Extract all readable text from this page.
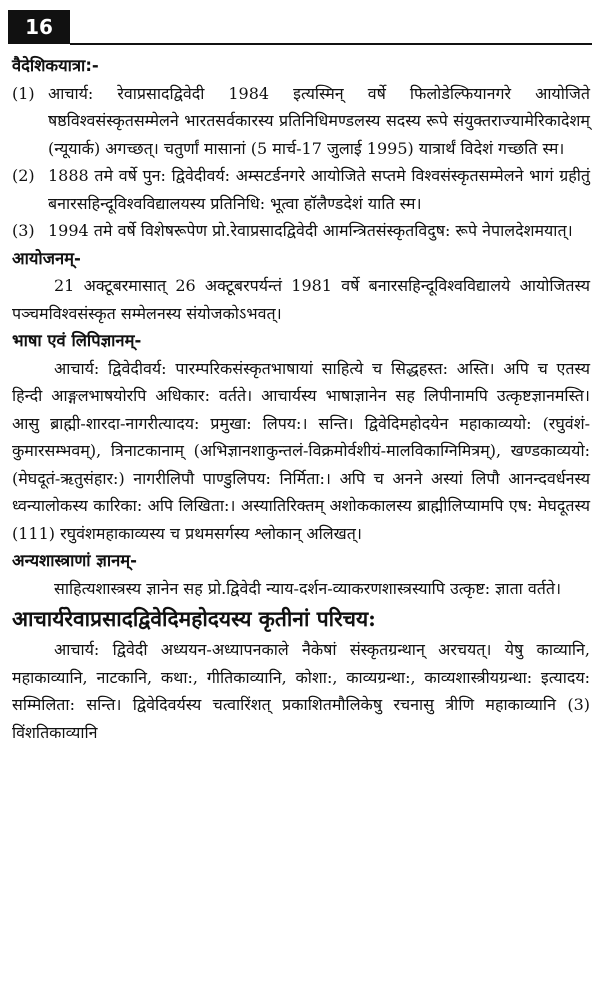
16

वैदेशिकयात्रा:-

(1) आचार्य: रेवाप्रसादद्विवेदी 1984 इत्यस्मिन् वर्षे फिलोडेल्फियानगरे आयोजिते षष्ठविश्वसंस्कृतसम्मेलने भारतसर्वकारस्य प्रतिनिधिमण्डलस्य सदस्य रूपे संयुक्तराज्यामेरिकादेशम् (न्यूयार्क) अगच्छत्। चतुर्णां मासानां (5 मार्च-17 जुलाई 1995) यात्रार्थं विदेशं गच्छति स्म।
(2) 1888 तमे वर्षे पुन: द्विवेदीवर्य: अम्सटर्डनगरे आयोजिते सप्तमे विश्वसंस्कृतसम्मेलने भागं ग्रहीतुं बनारसहिन्दूविश्वविद्यालयस्य प्रतिनिधि: भूत्वा हॉलैण्डदेशं याति स्म।
(3) 1994 तमे वर्षे विशेषरूपेण प्रो.रेवाप्रसादद्विवेदी आमन्त्रितसंस्कृतविदुष: रूपे नेपालदेशमयात्।

आयोजनम्-

21 अक्टूबरमासात् 26 अक्टूबरपर्यन्तं 1981 वर्षे बनारसहिन्दूविश्वविद्यालये आयोजितस्य पञ्चमविश्वसंस्कृत सम्मेलनस्य संयोजकोऽभवत्।

भाषा एवं लिपिज्ञानम्-

आचार्य: द्विवेदीवर्य: पारम्परिकसंस्कृतभाषायां साहित्ये च सिद्धहस्त: अस्ति। अपि च एतस्य हिन्दी आङ्गलभाषयोरपि अधिकार: वर्तते। आचार्यस्य भाषाज्ञानेन सह लिपीनामपि उत्कृष्टज्ञानमस्ति। आसु ब्राह्मी-शारदा-नागरीत्यादय: प्रमुखा: लिपय:। सन्ति। द्विवेदिमहोदयेन महाकाव्ययो: (रघुवंशं-कुमारसम्भवम्), त्रिनाटकानाम् (अभिज्ञानशाकुन्तलं-विक्रमोर्वशीयं-मालविकाग्निमित्रम्), खण्डकाव्ययो: (मेघदूतं-ऋतुसंहार:) नागरीलिपौ पाण्डुलिपय: निर्मिता:। अपि च अनने अस्यां लिपौ आनन्दवर्धनस्य ध्वन्यालोकस्य कारिका: अपि लिखिता:। अस्यातिरिक्तम् अशोककालस्य ब्राह्मीलिप्यामपि एष: मेघदूतस्य (111) रघुवंशमहाकाव्यस्य च प्रथमसर्गस्य श्लोकान् अलिखत्।

अन्यशास्त्राणां ज्ञानम्-

साहित्यशास्त्रस्य ज्ञानेन सह प्रो.द्विवेदी न्याय-दर्शन-व्याकरणशास्त्रस्यापि उत्कृष्ट: ज्ञाता वर्तते।

आचार्यरेवाप्रसादद्विवेदिमहोदयस्य कृतीनां परिचय:

आचार्य: द्विवेदी अध्ययन-अध्यापनकाले नैकेषां संस्कृतग्रन्थान् अरचयत्। येषु काव्यानि, महाकाव्यानि, नाटकानि, कथा:, गीतिकाव्यानि, कोशा:, काव्यग्रन्था:, काव्यशास्त्रीयग्रन्था: इत्यादय: सम्मिलिता: सन्ति। द्विवेदिवर्यस्य चत्वारिंशत् प्रकाशितमौलिकेषु रचनासु त्रीणि महाकाव्यानि (3) विंशतिकाव्यानि
